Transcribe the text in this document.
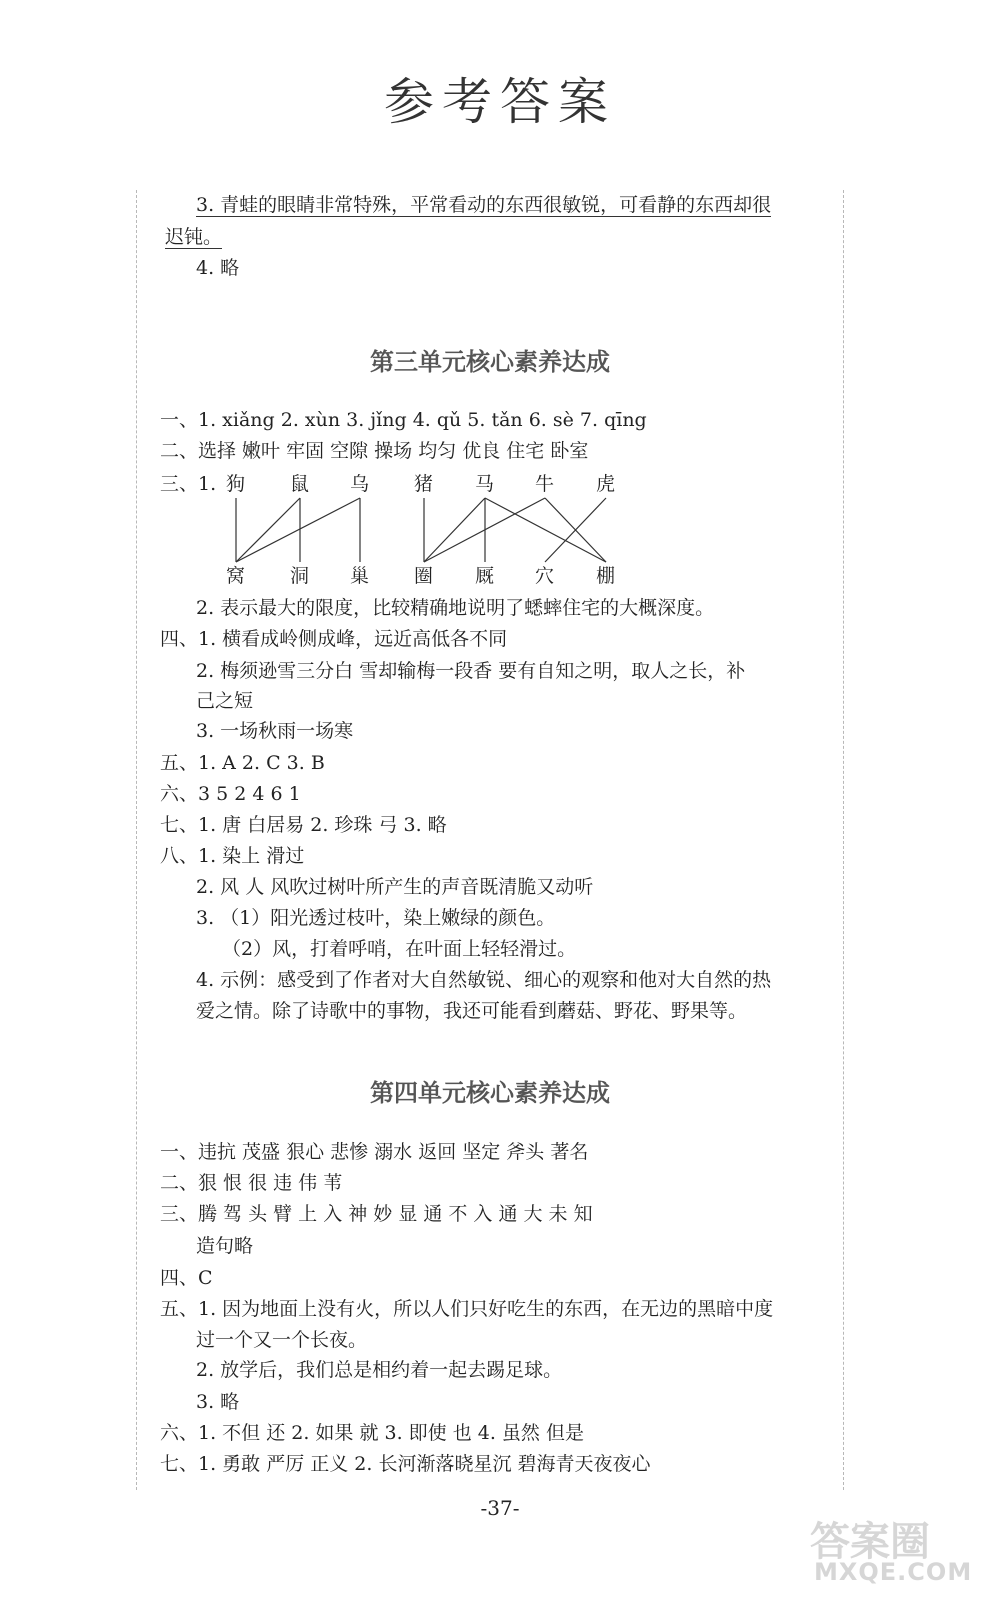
参考答案
3. 青蛙的眼睛非常特殊，平常看动的东西很敏锐，可看静的东西却很
迟钝。
4. 略
第三单元核心素养达成
一、1. xiǎng 2. xùn 3. jǐng 4. qǔ 5. tǎn 6. sè 7. qīng
二、选择 嫩叶 牢固 空隙 操场 均匀 优良 住宅 卧室
三、1.
2. 表示最大的限度，比较精确地说明了蟋蟀住宅的大概深度。
四、1. 横看成岭侧成峰，远近高低各不同
2. 梅须逊雪三分白 雪却输梅一段香 要有自知之明，取人之长，补
己之短
3. 一场秋雨一场寒
五、1. A 2. C 3. B
六、3 5 2 4 6 1
七、1. 唐 白居易 2. 珍珠 弓 3. 略
八、1. 染上 滑过
2. 风 人 风吹过树叶所产生的声音既清脆又动听
3. （1）阳光透过枝叶，染上嫩绿的颜色。
（2）风，打着呼哨，在叶面上轻轻滑过。
4. 示例：感受到了作者对大自然敏锐、细心的观察和他对大自然的热
爱之情。除了诗歌中的事物，我还可能看到蘑菇、野花、野果等。
第四单元核心素养达成
一、违抗 茂盛 狠心 悲惨 溺水 返回 坚定 斧头 著名
二、狠 恨 很 违 伟 苇
三、腾 驾 头 臂 上 入 神 妙 显 通 不 入 通 大 未 知
造句略
四、C
五、1. 因为地面上没有火，所以人们只好吃生的东西，在无边的黑暗中度
过一个又一个长夜。
2. 放学后，我们总是相约着一起去踢足球。
3. 略
六、1. 不但 还 2. 如果 就 3. 即使 也 4. 虽然 但是
七、1. 勇敢 严厉 正义 2. 长河渐落晓星沉 碧海青天夜夜心
-37-
答案圈
MXQE.COM
狗 鼠 乌 猪 马 牛 虎
窝 洞 巢 圈 厩 穴 棚
